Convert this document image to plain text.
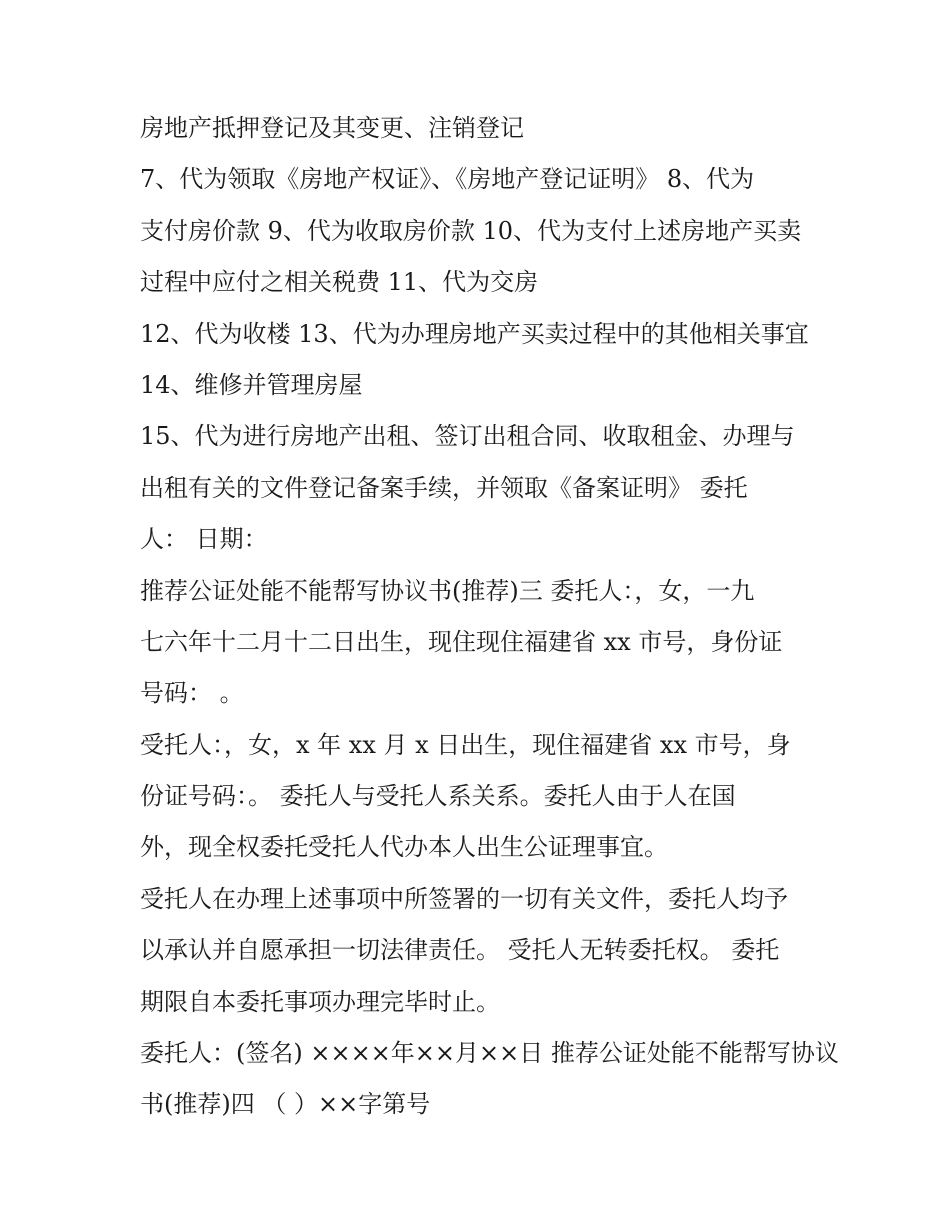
房地产抵押登记及其变更、注销登记
7、代为领取《房地产权证》、《房地产登记证明》 8、代为
支付房价款 9、代为收取房价款 10、代为支付上述房地产买卖
过程中应付之相关税费 11、代为交房
12、代为收楼 13、代为办理房地产买卖过程中的其他相关事宜
14、维修并管理房屋
15、代为进行房地产出租、签订出租合同、收取租金、办理与
出租有关的文件登记备案手续，并领取《备案证明》 委托
人： 日期：
推荐公证处能不能帮写协议书(推荐)三 委托人：，女，一九
七六年十二月十二日出生，现住现住福建省 xx 市号，身份证
号码： 。
受托人：，女，x 年 xx 月 x 日出生，现住福建省 xx 市号，身
份证号码：。 委托人与受托人系关系。委托人由于人在国
外，现全权委托受托人代办本人出生公证理事宜。
受托人在办理上述事项中所签署的一切有关文件，委托人均予
以承认并自愿承担一切法律责任。 受托人无转委托权。 委托
期限自本委托事项办理完毕时止。
委托人：(签名) ××××年××月××日 推荐公证处能不能帮写协议
书(推荐)四 （ ）××字第号
